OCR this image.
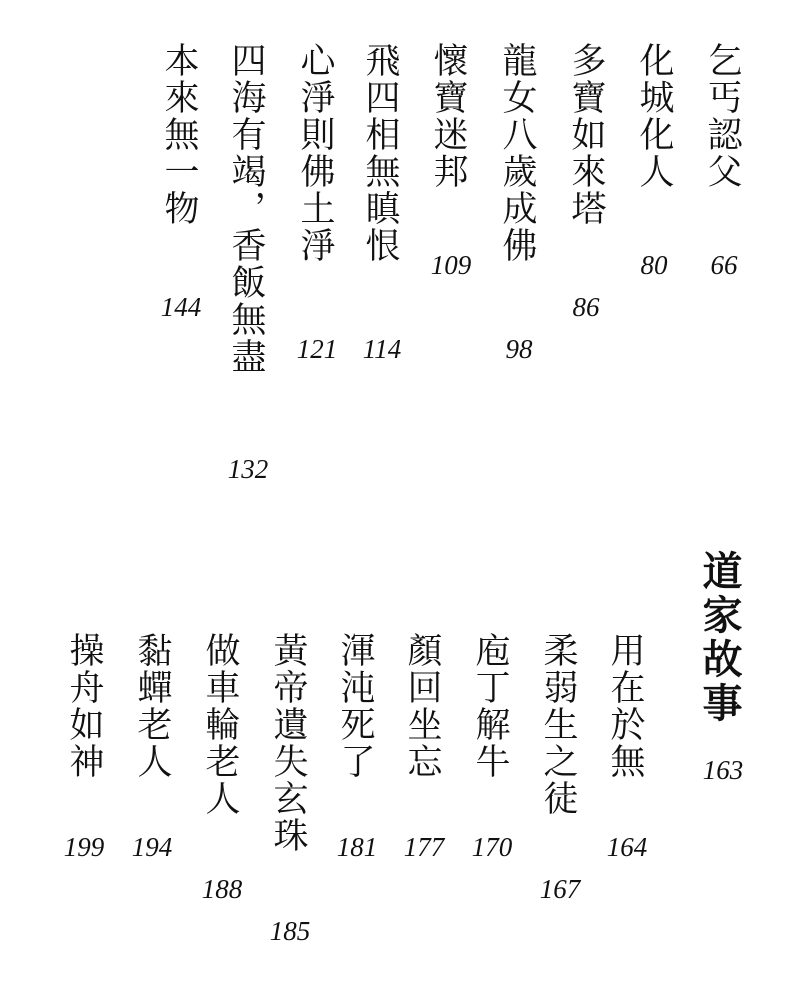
乞丐認父
66
化城化人
80
多寶如來塔
86
龍女八歲成佛
98
懷寶迷邦
109
飛四相無瞋恨
114
心淨則佛土淨
121
四海有竭，香飯無盡
132
本來無一物
144
道家故事
163
用在於無
164
柔弱生之徒
167
庖丁解牛
170
顏回坐忘
177
渾沌死了
181
黃帝遺失玄珠
185
做車輪老人
188
黏蟬老人
194
操舟如神
199
